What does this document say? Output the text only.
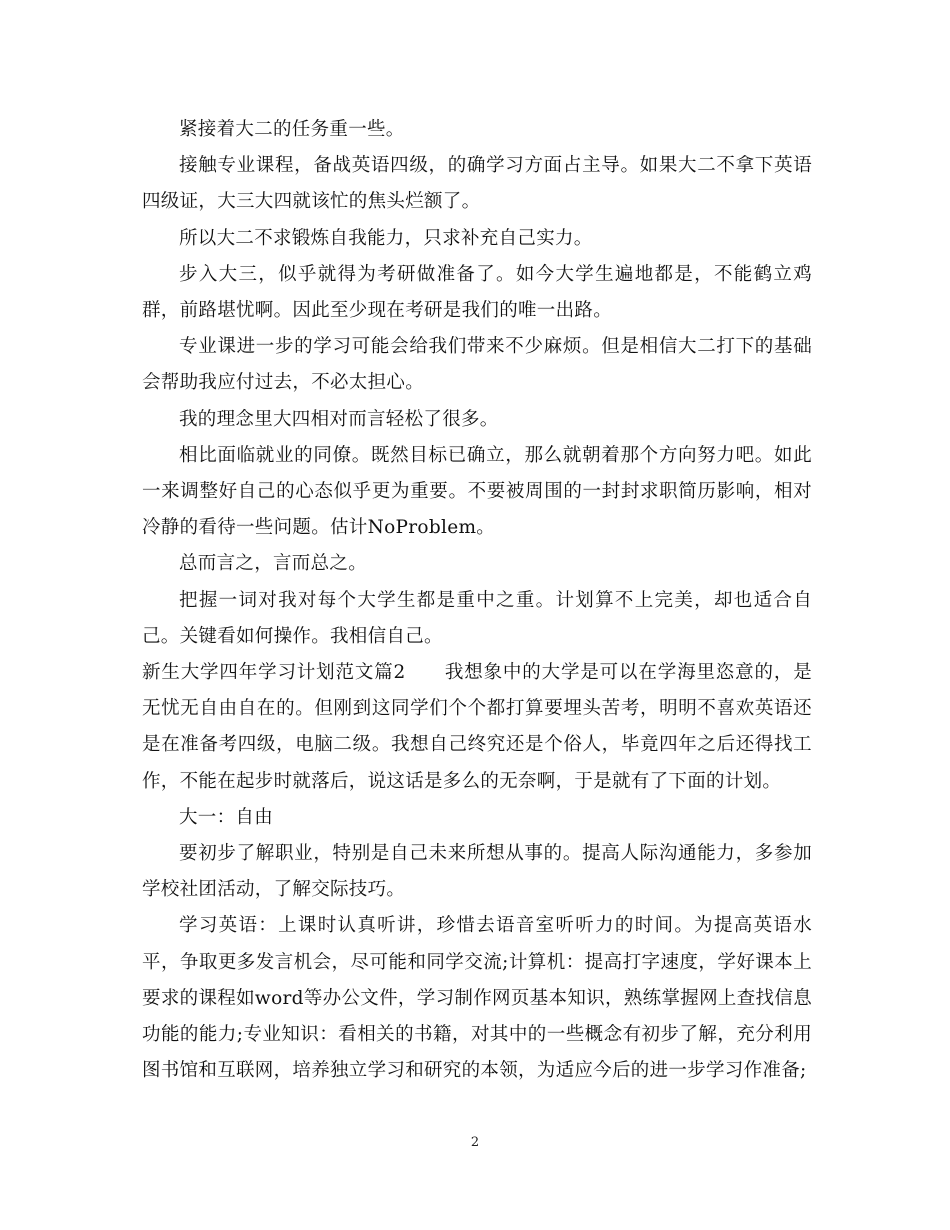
紧接着大二的任务重一些。

接触专业课程，备战英语四级，的确学习方面占主导。如果大二不拿下英语四级证，大三大四就该忙的焦头烂额了。

所以大二不求锻炼自我能力，只求补充自己实力。

步入大三，似乎就得为考研做准备了。如今大学生遍地都是，不能鹤立鸡群，前路堪忧啊。因此至少现在考研是我们的唯一出路。

专业课进一步的学习可能会给我们带来不少麻烦。但是相信大二打下的基础会帮助我应付过去，不必太担心。

我的理念里大四相对而言轻松了很多。

相比面临就业的同僚。既然目标已确立，那么就朝着那个方向努力吧。如此一来调整好自己的心态似乎更为重要。不要被周围的一封封求职简历影响，相对冷静的看待一些问题。估计NoProblem。

总而言之，言而总之。

把握一词对我对每个大学生都是重中之重。计划算不上完美，却也适合自己。关键看如何操作。我相信自己。

新生大学四年学习计划范文篇2　　我想象中的大学是可以在学海里恣意的，是无忧无自由自在的。但刚到这同学们个个都打算要埋头苦考，明明不喜欢英语还是在准备考四级，电脑二级。我想自己终究还是个俗人，毕竟四年之后还得找工作，不能在起步时就落后，说这话是多么的无奈啊，于是就有了下面的计划。

大一：自由

要初步了解职业，特别是自己未来所想从事的。提高人际沟通能力，多参加学校社团活动，了解交际技巧。

学习英语：上课时认真听讲，珍惜去语音室听听力的时间。为提高英语水平，争取更多发言机会，尽可能和同学交流;计算机：提高打字速度，学好课本上要求的课程如word等办公文件，学习制作网页基本知识，熟练掌握网上查找信息功能的能力;专业知识：看相关的书籍，对其中的一些概念有初步了解，充分利用图书馆和互联网，培养独立学习和研究的本领，为适应今后的进一步学习作准备;

2
